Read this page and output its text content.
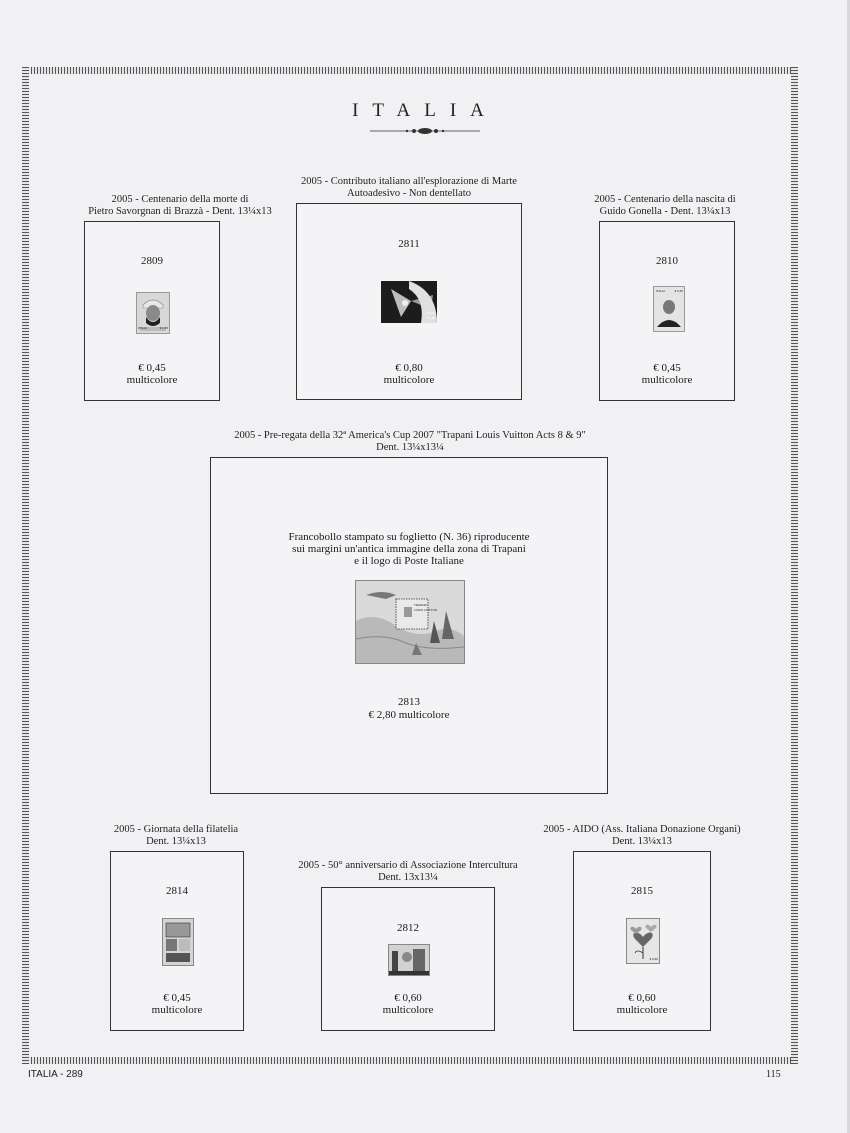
ITALIA
2005 - Centenario della morte di
Pietro Savorgnan di Brazzà - Dent. 13¼x13
2809
ITALIA	€ 0,45
€ 0,45
multicolore
2005 - Contributo italiano all'esplorazione di Marte
Autoadesivo - Non dentellato
2811
ITALIA
€ 0,80
€ 0,80
multicolore
2005 - Centenario della nascita di
Guido Gonella - Dent. 13¼x13
2810
ITALIA	€ 0,45
€ 0,45
multicolore
2005 - Pre-regata della 32ª America's Cup 2007 "Trapani Louis Vuitton Acts 8 & 9"
Dent. 13¼x13¼
Francobollo stampato su foglietto (N. 36) riproducente
sui margini un'antica immagine della zona di Trapani
e il logo di Poste Italiane
TRAPANI
LOUIS VUITTON
2813
€ 2,80 multicolore
2005 - Giornata della filatelia
Dent. 13¼x13
2814
€ 0,45
multicolore
2005 - 50° anniversario di Associazione Intercultura
Dent. 13x13¼
2812
€ 0,60
multicolore
2005 - AIDO (Ass. Italiana Donazione Organi)
Dent. 13¼x13
2815
€ 0,60
€ 0,60
multicolore
ITALIA - 289	115
